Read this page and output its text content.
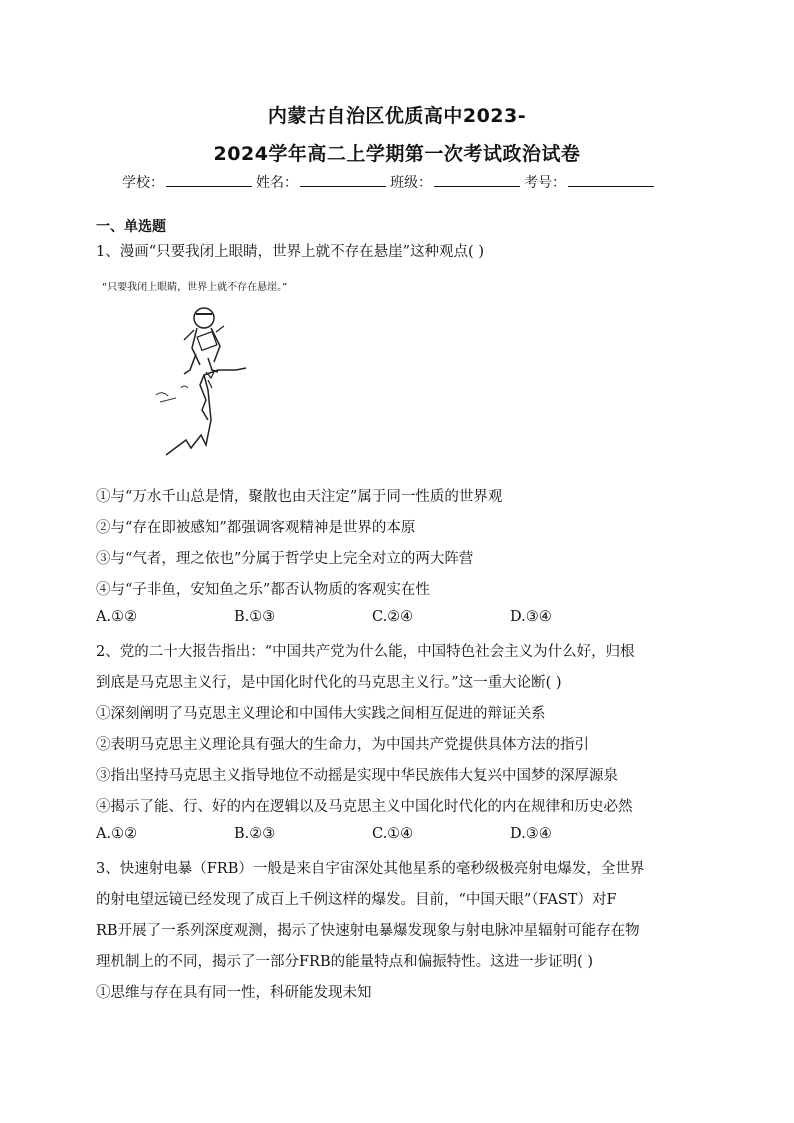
内蒙古自治区优质高中2023-
2024学年高二上学期第一次考试政治试卷
学校：	姓名：	班级：	考号：
一、单选题
1、漫画“只要我闭上眼睛，世界上就不存在悬崖”这种观点( )
“只要我闭上眼睛，世界上就不存在悬崖。”
①与“万水千山总是情，聚散也由天注定”属于同一性质的世界观
②与“存在即被感知”都强调客观精神是世界的本原
③与“气者，理之依也”分属于哲学史上完全对立的两大阵营
④与“子非鱼，安知鱼之乐”都否认物质的客观实在性
A.①②	B.①③	C.②④	D.③④
2、党的二十大报告指出：“中国共产党为什么能，中国特色社会主义为什么好，归根
到底是马克思主义行，是中国化时代化的马克思主义行。”这一重大论断( )
①深刻阐明了马克思主义理论和中国伟大实践之间相互促进的辩证关系
②表明马克思主义理论具有强大的生命力，为中国共产党提供具体方法的指引
③指出坚持马克思主义指导地位不动摇是实现中华民族伟大复兴中国梦的深厚源泉
④揭示了能、行、好的内在逻辑以及马克思主义中国化时代化的内在规律和历史必然
A.①②	B.②③	C.①④	D.③④
3、快速射电暴（FRB）一般是来自宇宙深处其他星系的毫秒级极亮射电爆发，全世界
的射电望远镜已经发现了成百上千例这样的爆发。目前，“中国天眼”（FAST）对F
RB开展了一系列深度观测，揭示了快速射电暴爆发现象与射电脉冲星辐射可能存在物
理机制上的不同，揭示了一部分FRB的能量特点和偏振特性。这进一步证明( )
①思维与存在具有同一性，科研能发现未知
